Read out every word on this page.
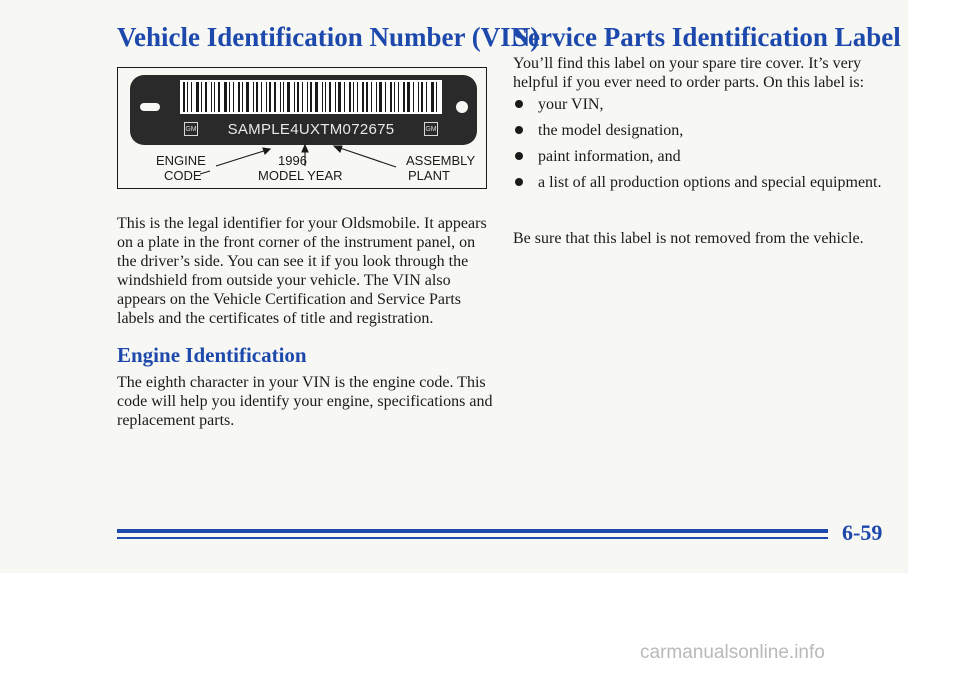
Vehicle Identification Number (VIN)
GM SAMPLE4UXTM072675	GM
ENGINE
CODE
1996
MODEL YEAR
ASSEMBLY
PLANT

This is the legal identifier for your Oldsmobile. It appears on a plate in the front corner of the instrument panel, on the driver’s side. You can see it if you look through the windshield from outside your vehicle. The VIN also appears on the Vehicle Certification and Service Parts labels and the certificates of title and registration.

Engine Identification

The eighth character in your VIN is the engine code. This code will help you identify your engine, specifications and replacement parts.

Service Parts Identification Label

You’ll find this label on your spare tire cover. It’s very helpful if you ever need to order parts. On this label is:

your VIN,
the model designation,
paint information, and
a list of all production options and special equipment.

Be sure that this label is not removed from the vehicle.

6-59
carmanualsonline.info
